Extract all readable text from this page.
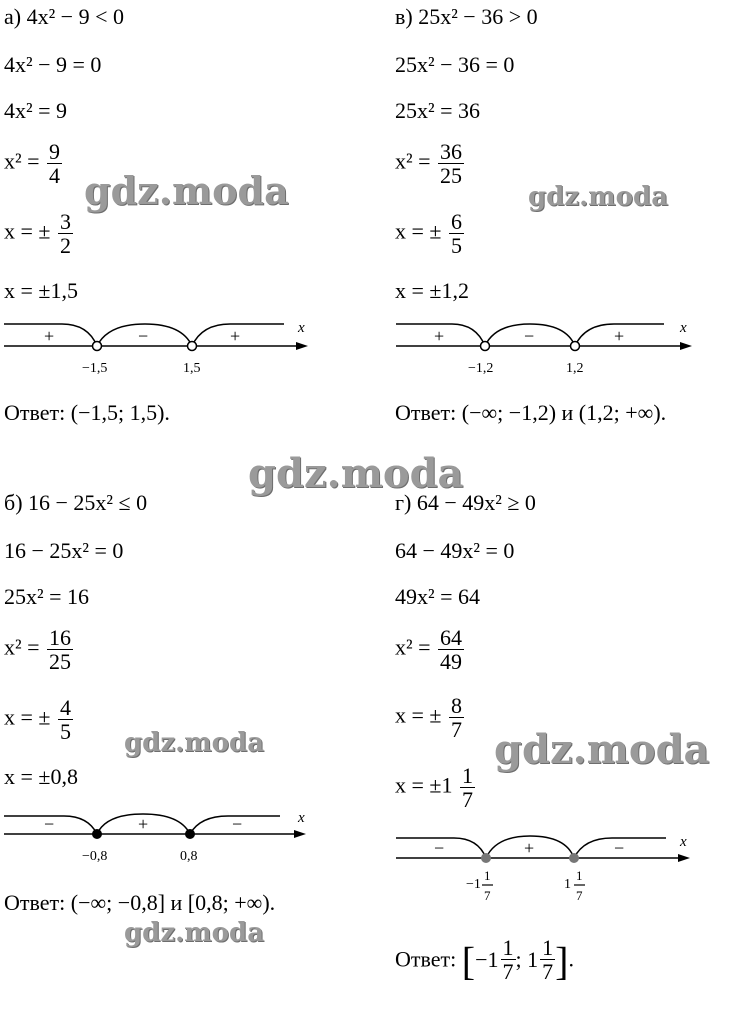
а) 4x² − 9 < 0
4x² − 9 = 0
4x² = 9
$x^2 = \frac{9}{4}$
x = ± $\frac{3}{2}$
x = ±1,5
x
+	−	+
−1,5	1,5
Ответ: (−1,5; 1,5).
в) 25x² − 36 > 0
25x² − 36 = 0
25x² = 36
$x^2 = \frac{36}{25}$
x = ± $\frac{6}{5}$
x = ±1,2
x
+	−	+
−1,2	1,2
Ответ: (−∞; −1,2) и (1,2; +∞).
б) 16 − 25x² ≤ 0
16 − 25x² = 0
25x² = 16
$x^2 = \frac{16}{25}$
x = ± $\frac{4}{5}$
x = ±0,8
x
−	+	−
−0,8	0,8
Ответ: (−∞; −0,8] и [0,8; +∞).
г) 64 − 49x² ≥ 0
64 − 49x² = 0
49x² = 64
$x^2 = \frac{64}{49}$
x = ± $\frac{8}{7}$
$x = \pm 1 \frac{1}{7}$
x
−	+	−
−1
1
7
1
1
7
Ответ: [ $-1 \frac{1}{7}$ ; $1 \frac{1}{7}$ ].
gdz.moda	gdz.moda
gdz.moda
gdz.moda	gdz.moda
gdz.moda
